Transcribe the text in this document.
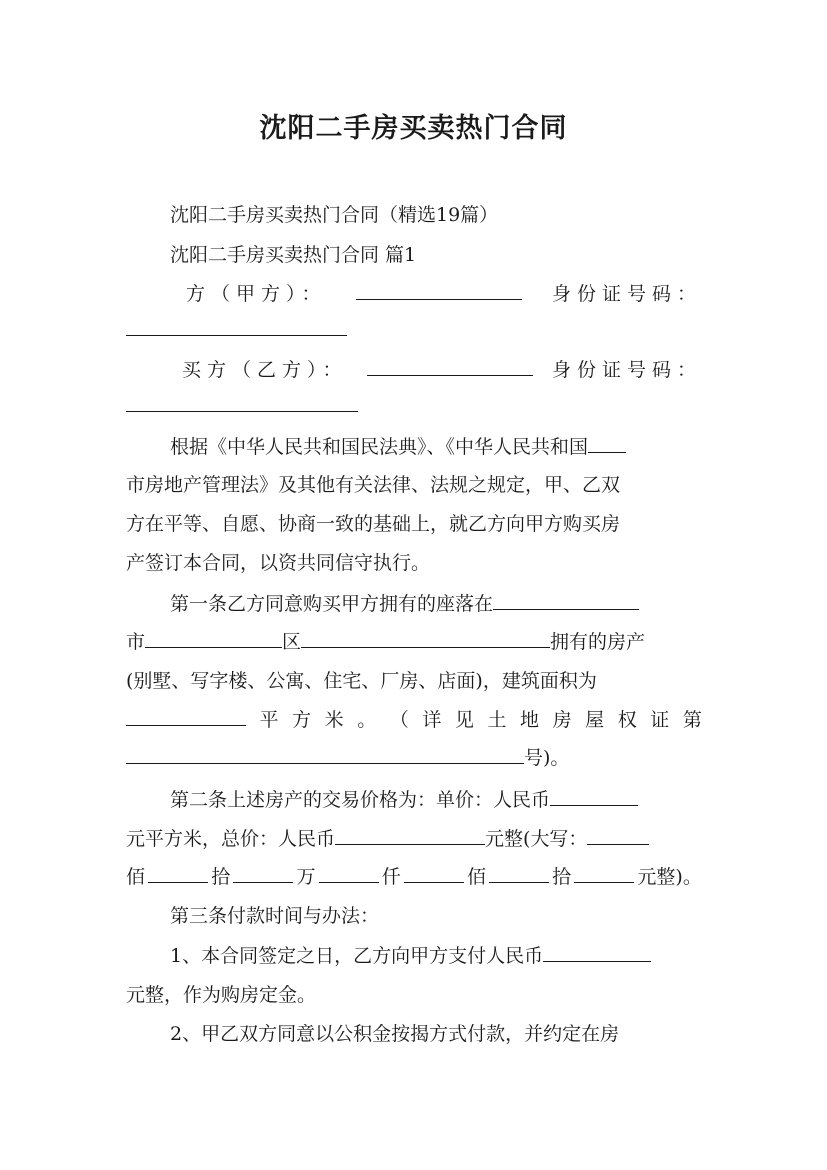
沈阳二手房买卖热门合同
沈阳二手房买卖热门合同（精选19篇）
沈阳二手房买卖热门合同 篇1
方（甲方）：	身份证号码：
买方（乙方）：	身份证号码：
根据《中华人民共和国民法典》、《中华人民共和国
市房地产管理法》及其他有关法律、法规之规定，甲、乙双
方在平等、自愿、协商一致的基础上，就乙方向甲方购买房
产签订本合同，以资共同信守执行。
第一条乙方同意购买甲方拥有的座落在
市	区	拥有的房产
(别墅、写字楼、公寓、住宅、厂房、店面)，建筑面积为
平 方 米 。 （ 详 见 土 地 房 屋 权 证 第
号)。
第二条上述房产的交易价格为：单价：人民币
元平方米，总价：人民币	元整(大写：
佰	拾	万	仟	佰	拾	元整)。
第三条付款时间与办法：
1、本合同签定之日，乙方向甲方支付人民币
元整，作为购房定金。
2、甲乙双方同意以公积金按揭方式付款，并约定在房
